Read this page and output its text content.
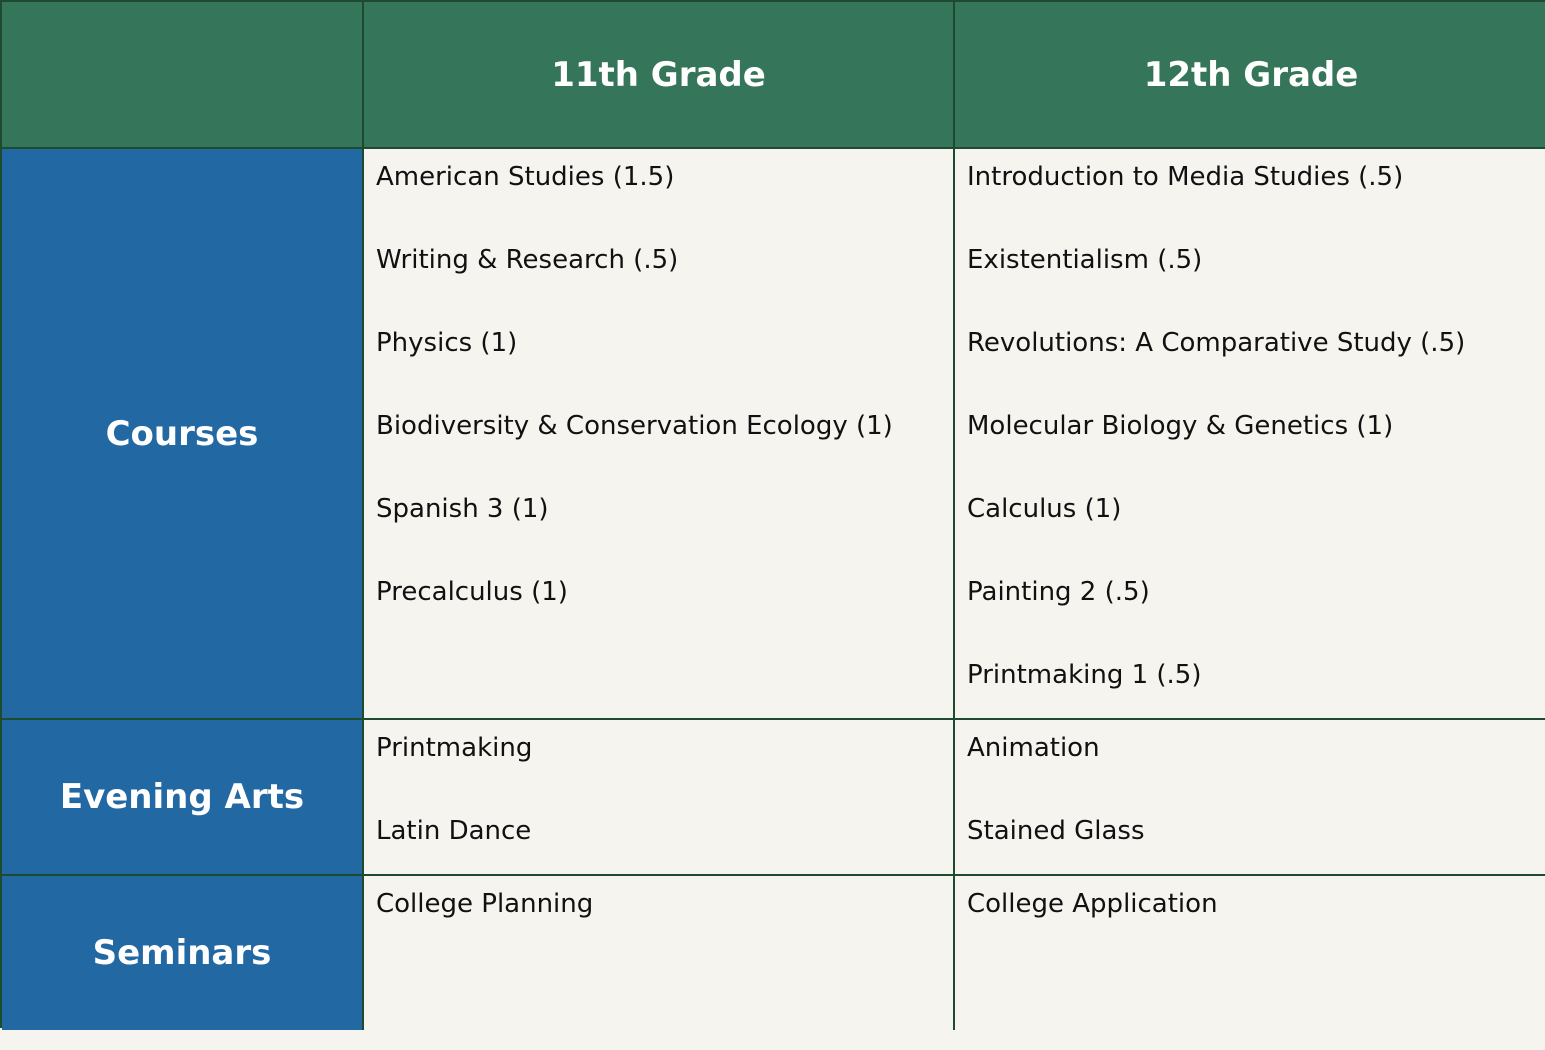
11th Grade	12th Grade
Courses
American Studies (1.5)
Writing & Research (.5)
Physics (1)
Biodiversity & Conservation Ecology (1)
Spanish 3 (1)
Precalculus (1)
Introduction to Media Studies (.5)
Existentialism (.5)
Revolutions: A Comparative Study (.5)
Molecular Biology & Genetics (1)
Calculus (1)
Painting 2 (.5)
Printmaking 1 (.5)
Evening Arts
Printmaking
Latin Dance
Animation
Stained Glass
Seminars
College Planning	College Application
